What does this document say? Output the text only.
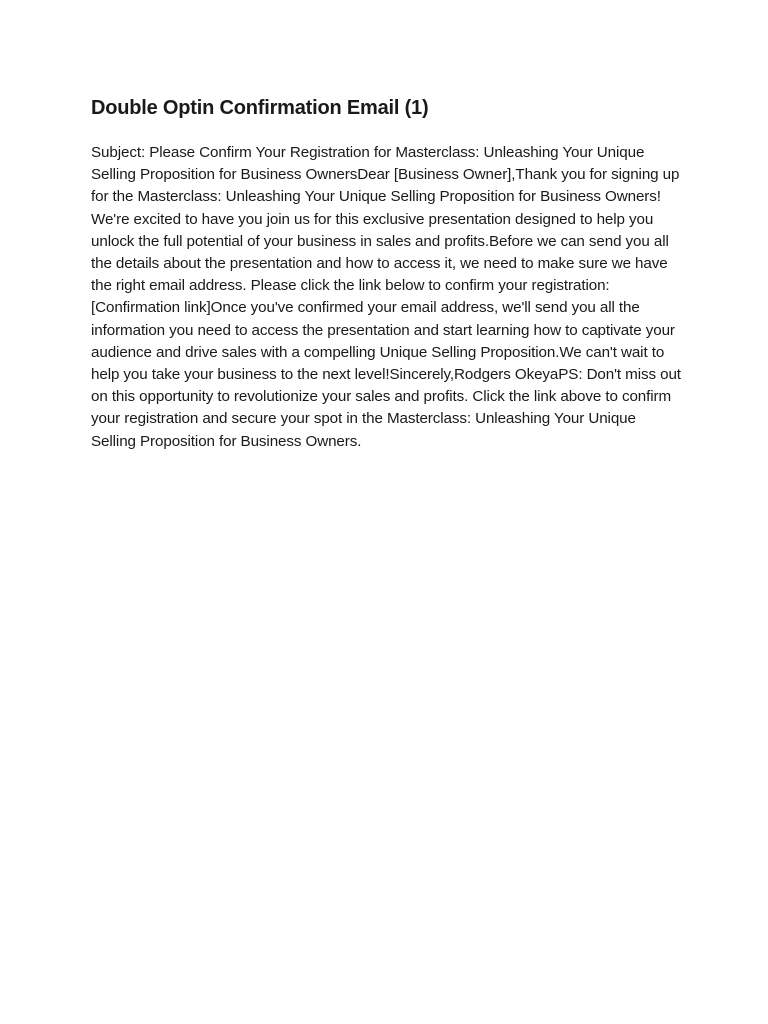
Double Optin Confirmation Email (1)

Subject: Please Confirm Your Registration for Masterclass: Unleashing Your Unique Selling Proposition for Business OwnersDear [Business Owner],Thank you for signing up for the Masterclass: Unleashing Your Unique Selling Proposition for Business Owners! We're excited to have you join us for this exclusive presentation designed to help you unlock the full potential of your business in sales and profits.Before we can send you all the details about the presentation and how to access it, we need to make sure we have the right email address. Please click the link below to confirm your registration:[Confirmation link]Once you've confirmed your email address, we'll send you all the information you need to access the presentation and start learning how to captivate your audience and drive sales with a compelling Unique Selling Proposition.We can't wait to help you take your business to the next level!Sincerely,Rodgers OkeyaPS: Don't miss out on this opportunity to revolutionize your sales and profits. Click the link above to confirm your registration and secure your spot in the Masterclass: Unleashing Your Unique Selling Proposition for Business Owners.
